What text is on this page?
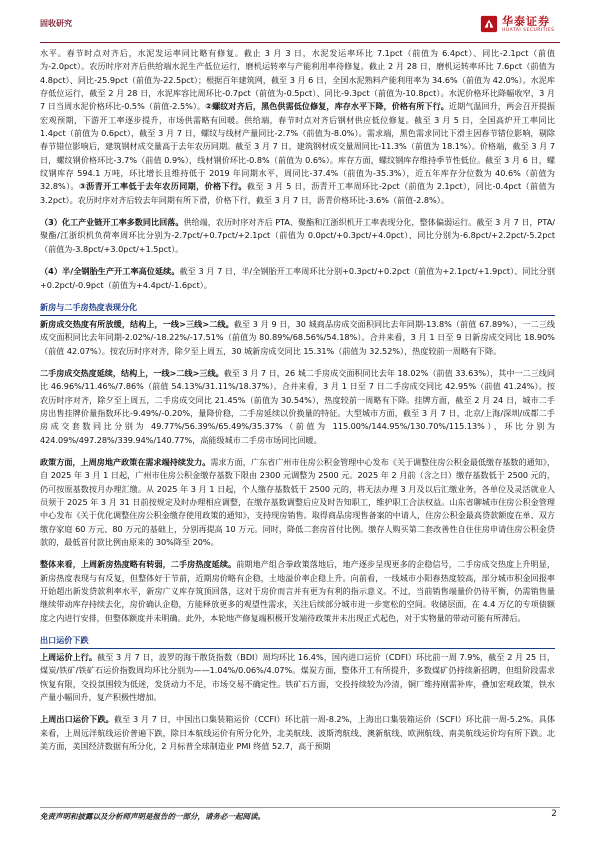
固收研究	华泰证券
HUATAI SECURITIES

水平。春节时点对齐后，水泥发运率同比略有修复。截止 3 月 3 日，水泥发运率环比 7.1pct（前值为 6.4pct）、同比-2.1pct（前值为-2.0pct）。农历时序对齐后供给端水泥生产低位运行，磨机运转率与产能利用率待修复。截止 2 月 28 日，磨机运转率环比 7.6pct（前值为 4.8pct）、同比-25.9pct（前值为-22.5pct）；根据百年建筑网，截至 3 月 6 日，全国水泥熟料产能利用率为 34.6%（前值为 42.0%）。水泥库存低位运行，截至 2 月 28 日，水泥库容比周环比-0.7pct（前值为-0.5pct）、同比-9.3pct（前值为-10.8pct）。水泥价格环比降幅收窄，3 月 7 日当周水泥价格环比-0.5%（前值-2.5%）。②螺纹对齐后，黑色供需低位修复，库存水平下降，价格有所下行。近期气温回升，两会召开提振宏观预期，下游开工率逐步提升，市场供需略有回暖。供给端，春节时点对齐后钢材供应低位修复。截至 3 月 5 日，全国高炉开工率同比 1.4pct（前值为 0.6pct），截至 3 月 7 日，螺纹与线材产量同比-2.7%（前值为-8.0%）。需求端，黑色需求同比下滑主因春节错位影响，剔除春节错位影响后，建筑钢材成交量高于去年农历同期。截至 3 月 7 日，建筑钢材成交量周同比-11.3%（前值为 18.1%）。价格端，截至 3 月 7 日，螺纹钢价格环比-3.7%（前值 0.9%），线材钢价环比-0.8%（前值为 0.6%）。库存方面，螺纹钢库存维持季节性低位。截至 3 月 6 日，螺纹钢库存 594.1 万吨，环比增长且维持低于 2019 年同期水平，周同比-37.4%（前值为-35.3%），近五年库存分位数为 40.6%（前值为 32.8%）。③沥青开工率低于去年农历同期，价格下行。截至 3 月 5 日，沥青开工率周环比-2pct（前值为 2.1pct），同比-0.4pct（前值为 3.2pct）。农历时序对齐后较去年同期有所下滑，价格下行，截至 3 月 7 日，沥青价格环比-3.6%（前值-2.8%）。

（3）化工产业链开工率多数同比回落。供给端，农历时序对齐后 PTA、聚酯和江浙织机开工率表现分化，整体偏弱运行。截至 3 月 7 日，PTA/聚酯/江浙织机负荷率周环比分别为-2.7pct/+0.7pct/+2.1pct（前值为 0.0pct/+0.3pct/+4.0pct）、同比分别为-6.8pct/+2.2pct/-5.2pct（前值为-3.8pct/+3.0pct/+1.5pct）。

（4）半/全钢胎生产开工率高位延续。截至 3 月 7 日，半/全钢胎开工率周环比分别+0.3pct/+0.2pct（前值为+2.1pct/+1.9pct）、同比分别+0.2pct/-0.9pct（前值为+4.4pct/-1.6pct）。

新房与二手房热度表现分化

新房成交热度有所放缓，结构上，一线>三线>二线。截至 3 月 9 日，30 城商品房成交面积同比去年同期-13.8%（前值 67.89%），一二三线成交面积同比去年同期-2.02%/-18.22%/-17.51%（前值为 80.89%/68.56%/54.18%）。合并来看，3 月 1 日至 9 日新房成交同比 18.90%（前值 42.07%）。按农历时序对齐，除夕至上周五，30 城新房成交同比 15.31%（前值为 32.52%），热度较前一周略有下降。

二手房成交热度延续，结构上，一线>二线>三线。截至 3 月 7 日，26 城二手房成交面积同比去年 18.02%（前值 33.63%），其中一二三线同比 46.96%/11.46%/7.86%（前值 54.13%/31.11%/18.37%）。合并来看，3 月 1 日至 7 日二手房成交同比 42.95%（前值 41.24%）。按农历时序对齐，除夕至上周五，二手房成交同比 21.45%（前值为 30.54%），热度较前一周略有下降。挂牌方面，截至 2 月 24 日，城市二手房出售挂牌价量指数环比-9.49%/-0.20%，量降价稳，二手房延续以价换量的特征。大型城市方面，截至 3 月 7 日，北京/上海/深圳/成都二手房成交套数同比分别为 49.77%/56.39%/65.49%/35.37%（前值为 115.00%/144.95%/130.70%/115.13%），环比分别为 424.09%/497.28%/339.94%/140.77%，高能级城市二手房市场同比回暖。

政策方面，上周房地产政策在需求端持续发力。需求方面，广东省广州市住房公积金管理中心发布《关于调整住房公积金最低缴存基数的通知》，自 2025 年 3 月 1 日起，广州市住房公积金缴存基数下限由 2300 元调整为 2500 元。2025 年 2 月前（含之日）缴存基数低于 2500 元的，仍可按原基数按月办理汇缴。从 2025 年 3 月 1 日起，个人缴存基数低于 2500 元的，将无法办理 3 月及以后汇缴业务，各单位及灵活就业人员须于 2025 年 3 月 31 日前按规定及时办理相应调整，在缴存基数调整后应及时告知职工，维护职工合法权益。山东省聊城市住房公积金管理中心发布《关于优化调整住房公积金缴存使用政策的通知》，支持现房销售。取得商品房现售备案的中请人，住房公积金最高贷款额度在单、双方缴存家庭 60 万元、80 万元的基础上，分别再提高 10 万元。同时，降低二套房首付比例。缴存人购买第二套改善性自住住房申请住房公积金贷款的，最低首付款比例由原来的 30%降至 20%。

整体来看，上周新房热度略有转弱，二手房热度延续。前期地产组合拳政策落地后，地产逐步呈现更多的企稳信号，二手房成交热度上升明显，新房热度表现与有反复，但整体好于节前，近期房价略有企稳，土地溢价率企稳上升。向前看，一线城市小阳春热度较高，部分城市积金回报率开始超出新发贷款利率水平，新房广义库存筑顶回落，这对于房价而言并有更为有利的指示意义。不过，当前销售端量价仍待平衡，仍需销售量继续带动库存持续去化，房价确认企稳，方能释放更多的观望性需求，关注后续部分城市进一步宽松的空间。收储层面，在 4.4 万亿的专项债额度之内进行安排，但整体额度并未明确。此外，本轮地产修复端积极开发端待政策并未出现正式起色，对于实物量的带动可能有所滞后。

出口运价下跌

上周运价上行。截至 3 月 7 日，波罗的海干散货指数（BDI）周均环比 16.4%，国内进口运价（CDFI）环比前一周 7.9%，截至 2 月 25 日，煤炭/铁矿/铁矿石运价指数周均环比分别为——1.04%/0.06%/4.07%。煤炭方面，整体开工有所提升，多数煤矿仍持续新招聘，但组阶段需求恢复有限，交投氛围较为低迷，发货动力不足，市场交易不确定性。铁矿石方面，交投持续较为冷清，铜厂维持刚需补库，叠加宏观政策，铁水产量小幅回升，复产积极性增加。

上周出口运价下跌。截至 3 月 7 日，中国出口集装箱运价（CCFI）环比前一周-8.2%，上海出口集装箱运价（SCFI）环比前一周-5.2%。具体来看，上周远洋航线运价普遍下跌，除日本航线运价有所分化外，北美航线、波斯湾航线、澳新航线、欧洲航线、南美航线运价均有所下跌。北美方面，美国经济数据有所分化，2 月标普全球制造业 PMI 终值 52.7，高于预期

免责声明和披露以及分析师声明是报告的一部分，请务必一起阅读。	2
